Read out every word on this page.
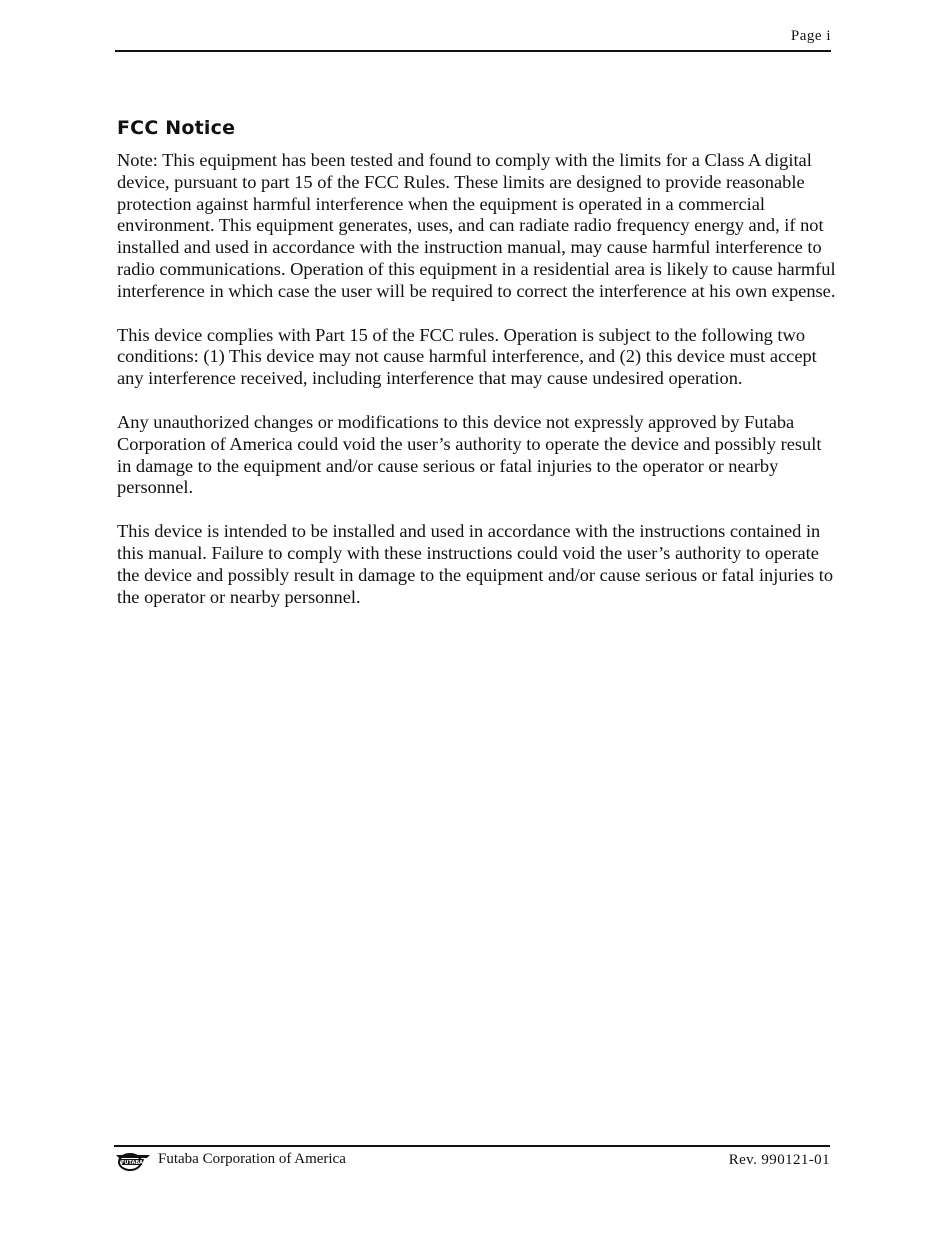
Page i
FCC Notice

Note: This equipment has been tested and found to comply with the limits for a Class A digital device, pursuant to part 15 of the FCC Rules. These limits are designed to provide reasonable protection against harmful interference when the equipment is operated in a commercial environment. This equipment generates, uses, and can radiate radio frequency energy and, if not installed and used in accordance with the instruction manual, may cause harmful interference to radio communications. Operation of this equipment in a residential area is likely to cause harmful interference in which case the user will be required to correct the interference at his own expense.

This device complies with Part 15 of the FCC rules. Operation is subject to the following two conditions: (1) This device may not cause harmful interference, and (2) this device must accept any interference received, including interference that may cause undesired operation.

Any unauthorized changes or modifications to this device not expressly approved by Futaba Corporation of America could void the user’s authority to operate the device and possibly result in damage to the equipment and/or cause serious or fatal injuries to the operator or nearby personnel.

This device is intended to be installed and used in accordance with the instructions contained in this manual. Failure to comply with these instructions could void the user’s authority to operate the device and possibly result in damage to the equipment and/or cause serious or fatal injuries to the operator or nearby personnel.

FUTABA Futaba Corporation of America	Rev. 990121-01
